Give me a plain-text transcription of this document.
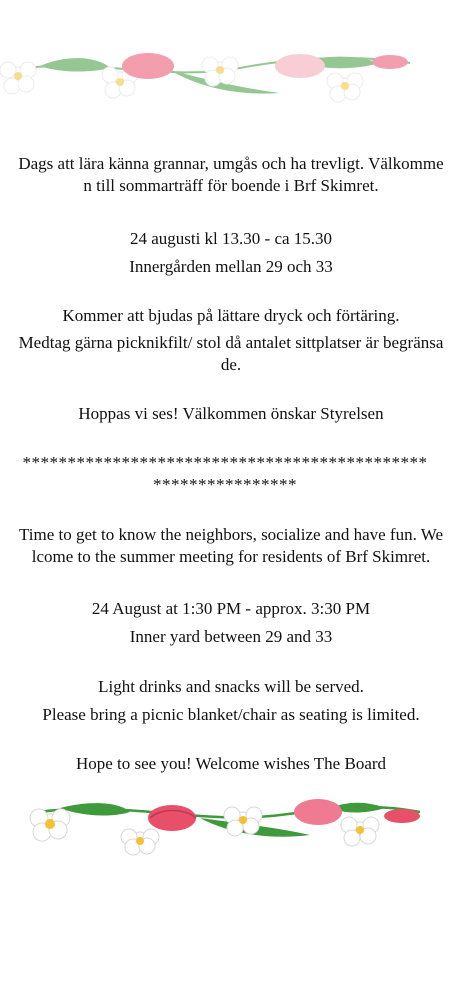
Dags att lära känna grannar, umgås och ha trevligt. Välkommen till sommarträff för boende i Brf Skimret.

24 augusti kl 13.30 - ca 15.30

Innergården mellan 29 och 33

Kommer att bjudas på lättare dryck och förtäring.

Medtag gärna picknikfilt/ stol då antalet sittplatser är begränsade.

Hoppas vi ses! Välkommen önskar Styrelsen

*************************************************************

Time to get to know the neighbors, socialize and have fun. Welcome to the summer meeting for residents of Brf Skimret.

24 August at 1:30 PM - approx. 3:30 PM

Inner yard between 29 and 33

Light drinks and snacks will be served.

Please bring a picnic blanket/chair as seating is limited.

Hope to see you! Welcome wishes The Board
